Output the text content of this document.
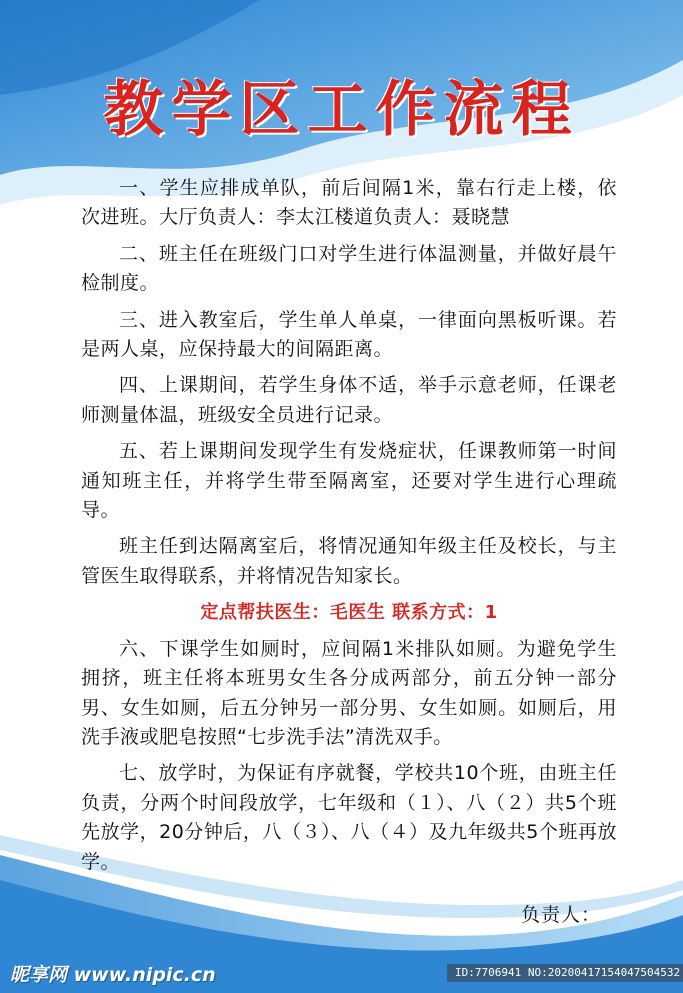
教学区工作流程

一、学生应排成单队，前后间隔1米，靠右行走上楼，依次进班。大厅负责人：李太江楼道负责人：聂晓慧

二、班主任在班级门口对学生进行体温测量，并做好晨午检制度。

三、进入教室后，学生单人单桌，一律面向黑板听课。若是两人桌，应保持最大的间隔距离。

四、上课期间，若学生身体不适，举手示意老师，任课老师测量体温，班级安全员进行记录。

五、若上课期间发现学生有发烧症状，任课教师第一时间通知班主任，并将学生带至隔离室，还要对学生进行心理疏导。

班主任到达隔离室后，将情况通知年级主任及校长，与主管医生取得联系，并将情况告知家长。

定点帮扶医生：毛医生 联系方式：1

六、下课学生如厕时，应间隔1米排队如厕。为避免学生拥挤，班主任将本班男女生各分成两部分，前五分钟一部分男、女生如厕，后五分钟另一部分男、女生如厕。如厕后，用洗手液或肥皂按照“七步洗手法”清洗双手。

七、放学时，为保证有序就餐，学校共10个班，由班主任负责，分两个时间段放学，七年级和（１）、八（２）共5个班先放学，20分钟后，八（３）、八（４）及九年级共5个班再放学。

负责人：
昵享网 www.nipic.cn	ID:7706941 NO:20200417154047504532
